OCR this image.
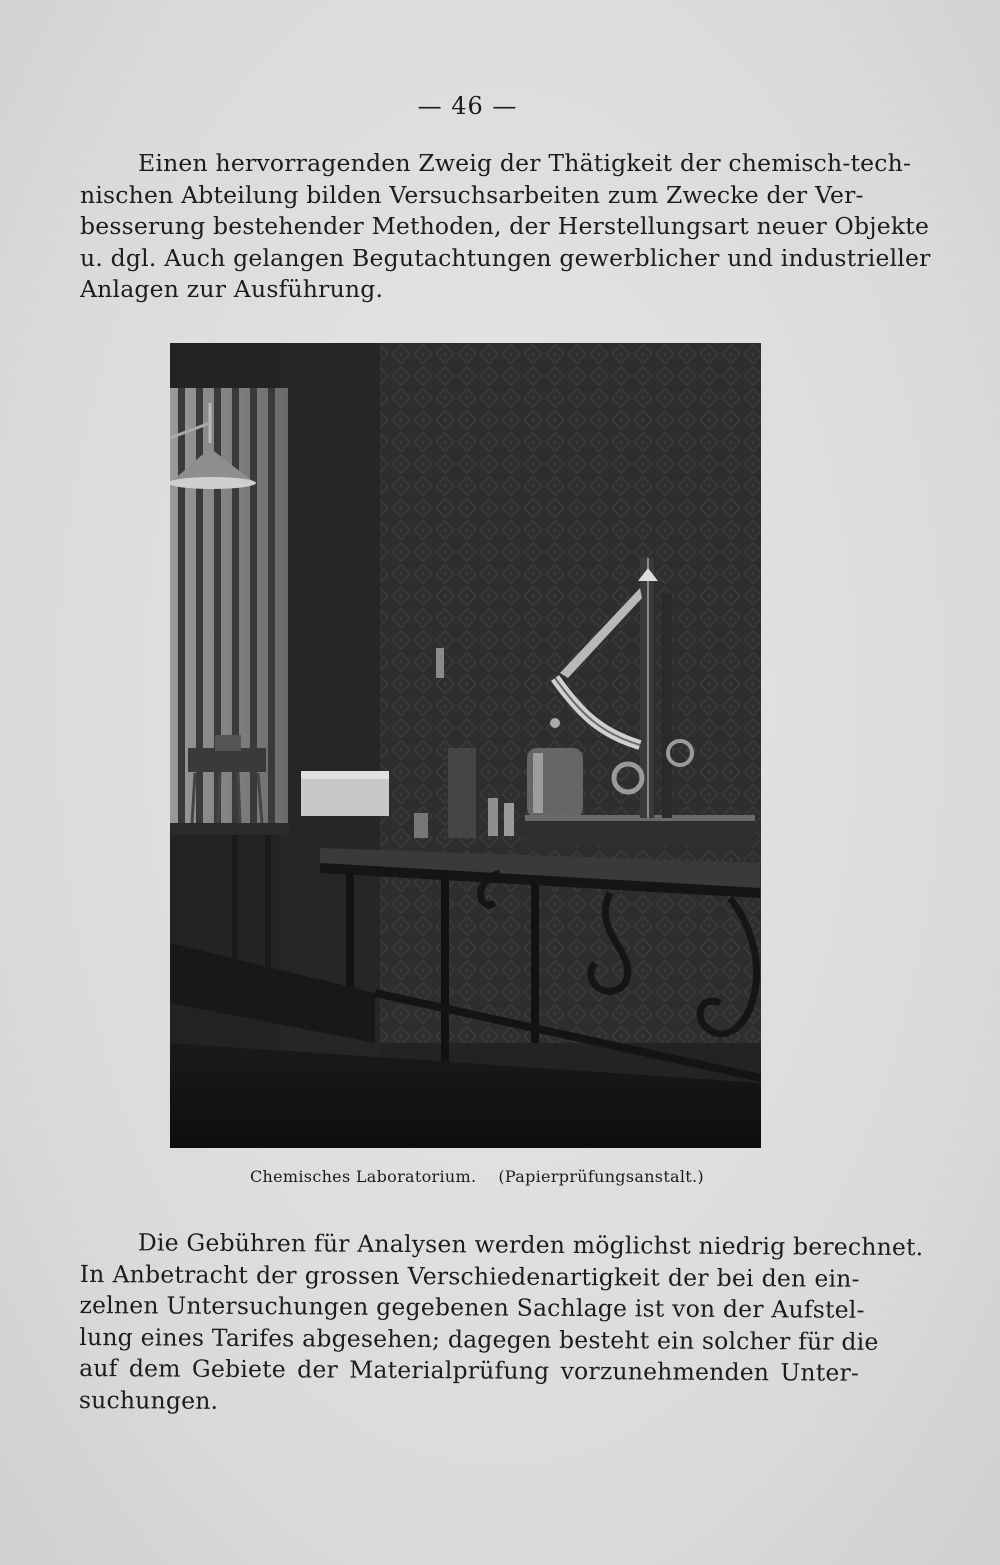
— 46 —
Einen hervorragenden Zweig der Thätigkeit der chemisch-tech-
nischen Abteilung bilden Versuchsarbeiten zum Zwecke der Ver-
besserung bestehender Methoden, der Herstellungsart neuer Objekte
u. dgl. Auch gelangen Begutachtungen gewerblicher und industrieller
Anlagen zur Ausführung.
Chemisches Laboratorium. (Papierprüfungsanstalt.)
Die Gebühren für Analysen werden möglichst niedrig berechnet.
In Anbetracht der grossen Verschiedenartigkeit der bei den ein-
zelnen Untersuchungen gegebenen Sachlage ist von der Aufstel-
lung eines Tarifes abgesehen; dagegen besteht ein solcher für die
auf dem Gebiete der Materialprüfung vorzunehmenden Unter-
suchungen.
